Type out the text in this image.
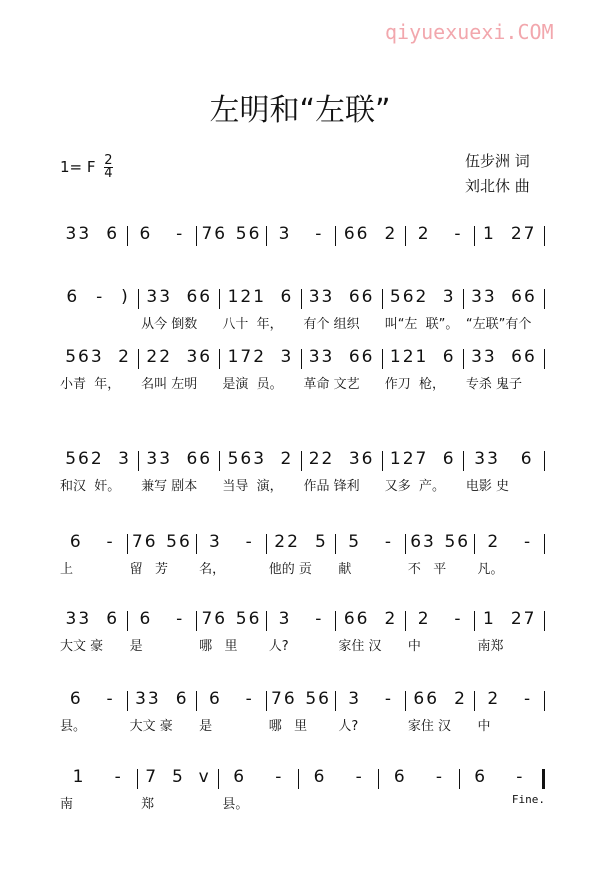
qiyuexuexi.COM
左明和“左联”
1= F $\frac{2}{4}$	伍步洲 词
刘北休 曲
33 6 6 - 76 56 3 - 66 2 2 - 1 27
6 - ) 33 66 121 6 33 66 562 3 33 66
从今 倒数	八十  年，	有个 组织	叫“左  联”。 “左联”有个
563 2 22 36 172 3 33 66 121 6 33 66
小青  年，	名叫 左明	是演  员。	革命 文艺	作刀  枪，	专杀 鬼子
562 3 33 66 563 2 22 36 127 6 33 6
和汉  奸。	兼写 剧本	当导  演，	作品 锋利	又多  产。	电影 史
6 - 76 56 3 - 22 5 5 - 63 56 2 -
上	留   芳	名，	他的 贡	献	不   平	凡。
33 6 6 - 76 56 3 - 66 2 2 - 1 27
大文 豪	是	哪   里	人?	家住 汉	中	南郑
6 - 33 6 6 - 76 56 3 - 66 2 2 -
县。	大文 豪	是	哪   里	人?	家住 汉	中
1 - 7 5 v 6 - 6 - 6 - 6 -
南	郑	县。	Fine.
